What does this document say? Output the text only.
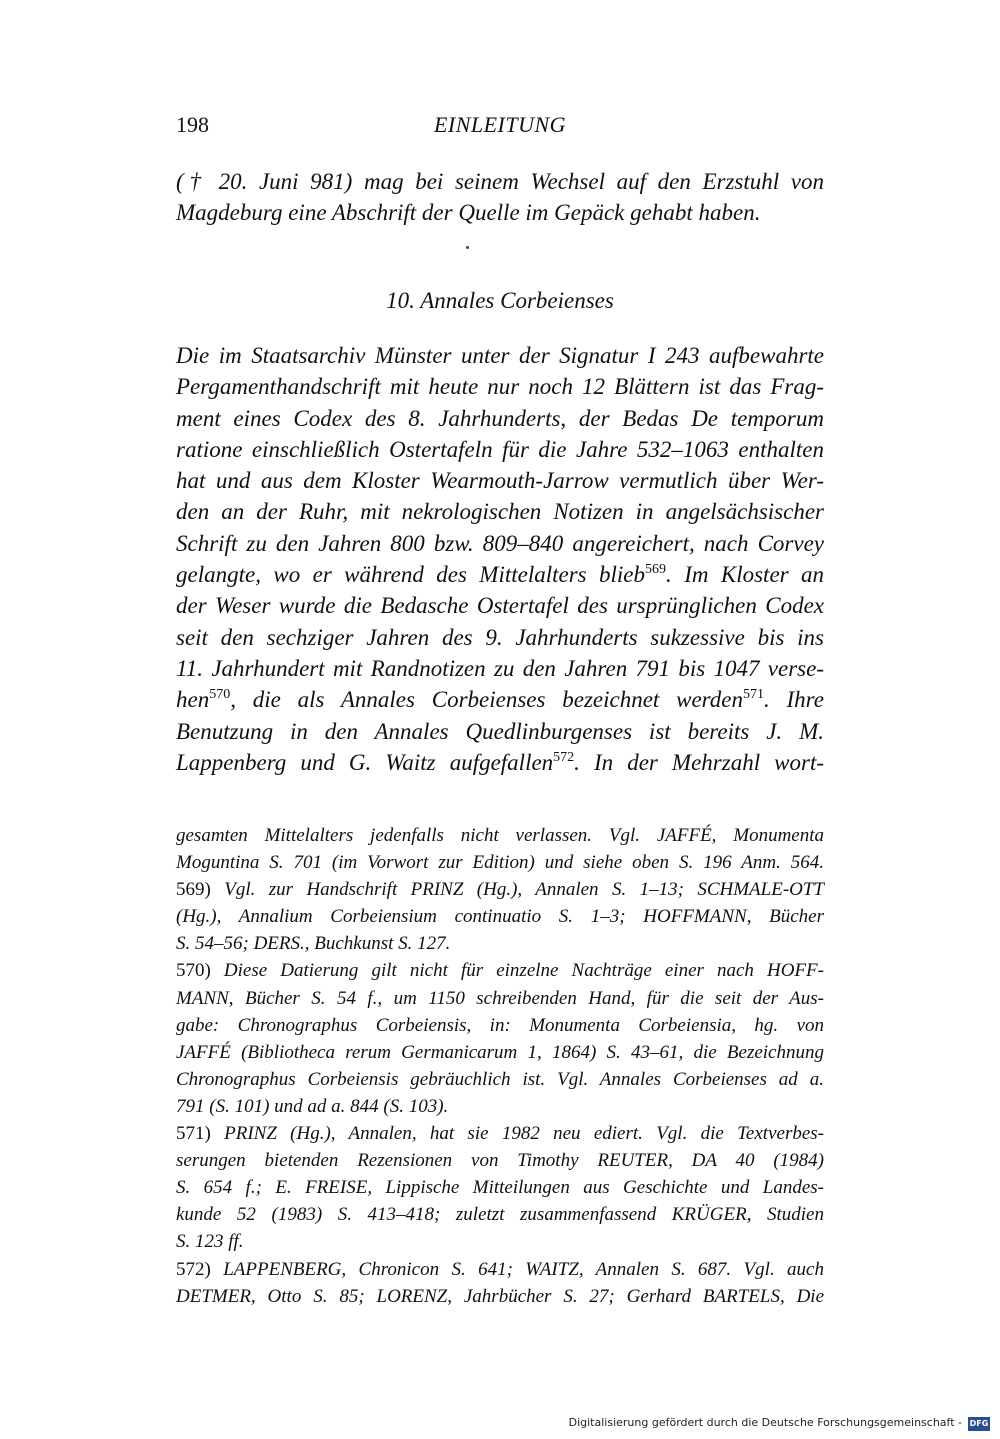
198	EINLEITUNG
(† 20. Juni 981) mag bei seinem Wechsel auf den Erzstuhl von
Magdeburg eine Abschrift der Quelle im Gepäck gehabt haben.
10. Annales Corbeienses
Die im Staatsarchiv Münster unter der Signatur I 243 aufbewahrte
Pergamenthandschrift mit heute nur noch 12 Blättern ist das Frag-
ment eines Codex des 8. Jahrhunderts, der Bedas De temporum
ratione einschließlich Ostertafeln für die Jahre 532–1063 enthalten
hat und aus dem Kloster Wearmouth-Jarrow vermutlich über Wer-
den an der Ruhr, mit nekrologischen Notizen in angelsächsischer
Schrift zu den Jahren 800 bzw. 809–840 angereichert, nach Corvey
gelangte, wo er während des Mittelalters blieb$^{569}$. Im Kloster an
der Weser wurde die Bedasche Ostertafel des ursprünglichen Codex
seit den sechziger Jahren des 9. Jahrhunderts sukzessive bis ins
11. Jahrhundert mit Randnotizen zu den Jahren 791 bis 1047 verse-
hen$^{570}$, die als Annales Corbeienses bezeichnet werden$^{571}$. Ihre
Benutzung in den Annales Quedlinburgenses ist bereits J. M.
Lappenberg und G. Waitz aufgefallen$^{572}$. In der Mehrzahl wort-
gesamten Mittelalters jedenfalls nicht verlassen. Vgl. JAFFÉ, Monumenta
Moguntina S. 701 (im Vorwort zur Edition) und siehe oben S. 196 Anm. 564.
569) Vgl. zur Handschrift PRINZ (Hg.), Annalen S. 1–13; SCHMALE-OTT
(Hg.), Annalium Corbeiensium continuatio S. 1–3; HOFFMANN, Bücher
S. 54–56; DERS., Buchkunst S. 127.
570) Diese Datierung gilt nicht für einzelne Nachträge einer nach HOFF-
MANN, Bücher S. 54 f., um 1150 schreibenden Hand, für die seit der Aus-
gabe: Chronographus Corbeiensis, in: Monumenta Corbeiensia, hg. von
JAFFÉ (Bibliotheca rerum Germanicarum 1, 1864) S. 43–61, die Bezeichnung
Chronographus Corbeiensis gebräuchlich ist. Vgl. Annales Corbeienses ad a.
791 (S. 101) und ad a. 844 (S. 103).
571) PRINZ (Hg.), Annalen, hat sie 1982 neu ediert. Vgl. die Textverbes-
serungen bietenden Rezensionen von Timothy REUTER, DA 40 (1984)
S. 654 f.; E. FREISE, Lippische Mitteilungen aus Geschichte und Landes-
kunde 52 (1983) S. 413–418; zuletzt zusammenfassend KRÜGER, Studien
S. 123 ff.
572) LAPPENBERG, Chronicon S. 641; WAITZ, Annalen S. 687. Vgl. auch
DETMER, Otto S. 85; LORENZ, Jahrbücher S. 27; Gerhard BARTELS, Die
Digitalisierung gefördert durch die Deutsche Forschungsgemeinschaft - DFG
